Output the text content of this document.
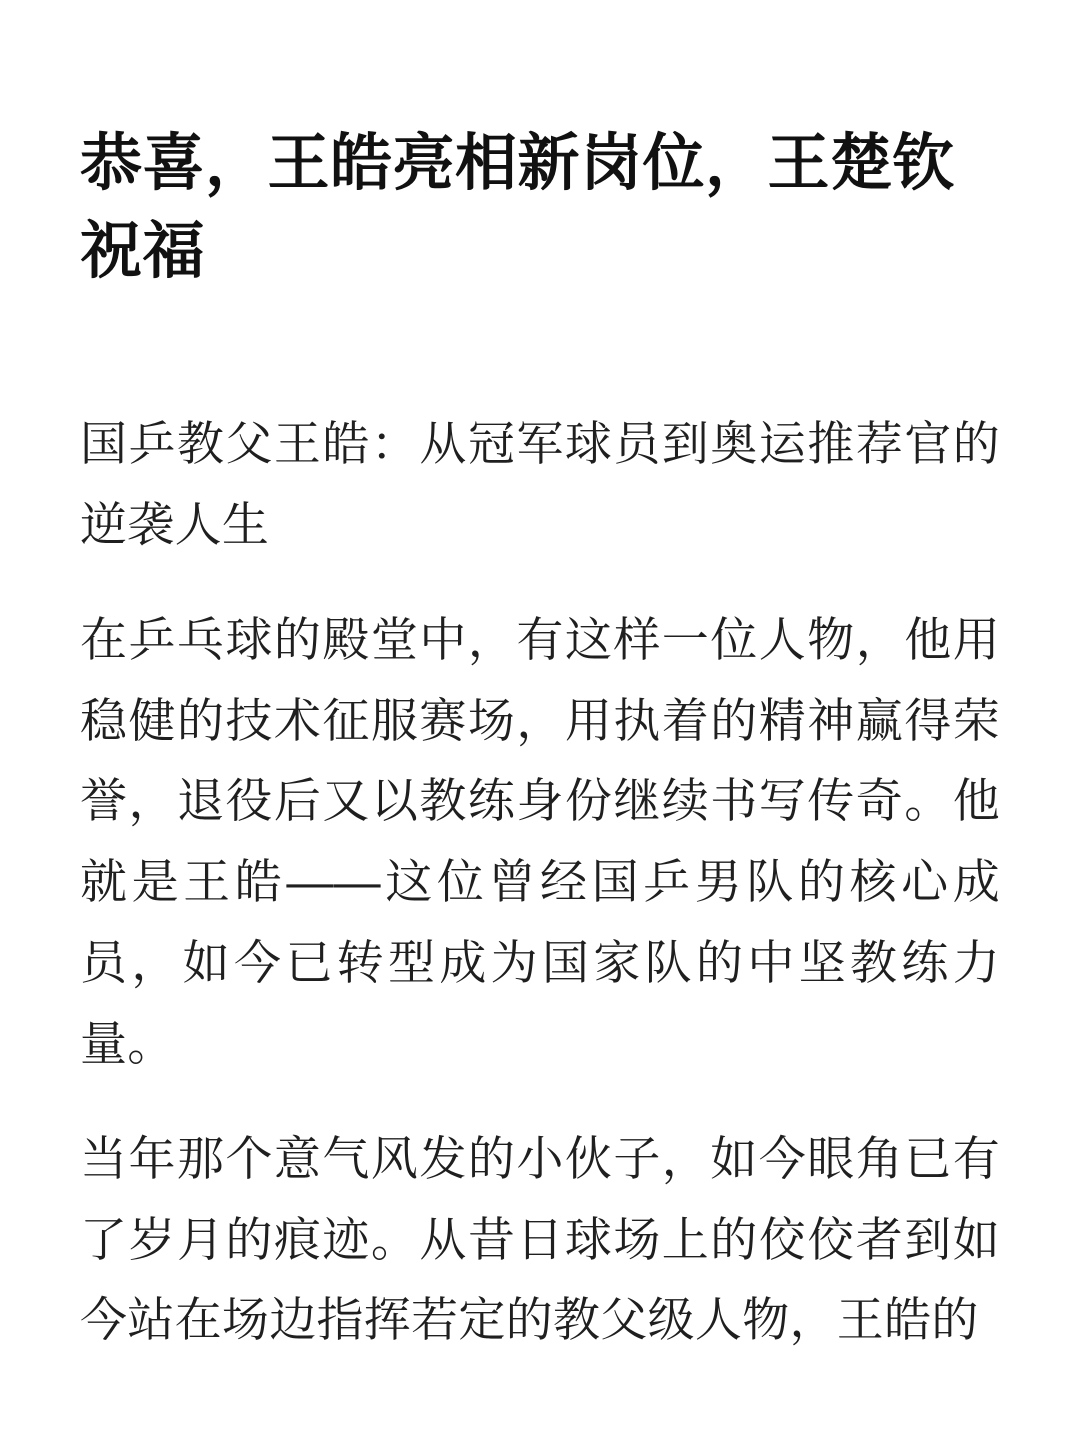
恭喜，王皓亮相新岗位，王楚钦祝福

国乒教父王皓：从冠军球员到奥运推荐官的逆袭人生

在乒乓球的殿堂中，有这样一位人物，他用稳健的技术征服赛场，用执着的精神赢得荣誉，退役后又以教练身份继续书写传奇。他就是王皓——这位曾经国乒男队的核心成员，如今已转型成为国家队的中坚教练力量。

当年那个意气风发的小伙子，如今眼角已有了岁月的痕迹。从昔日球场上的佼佼者到如今站在场边指挥若定的教父级人物，王皓的
